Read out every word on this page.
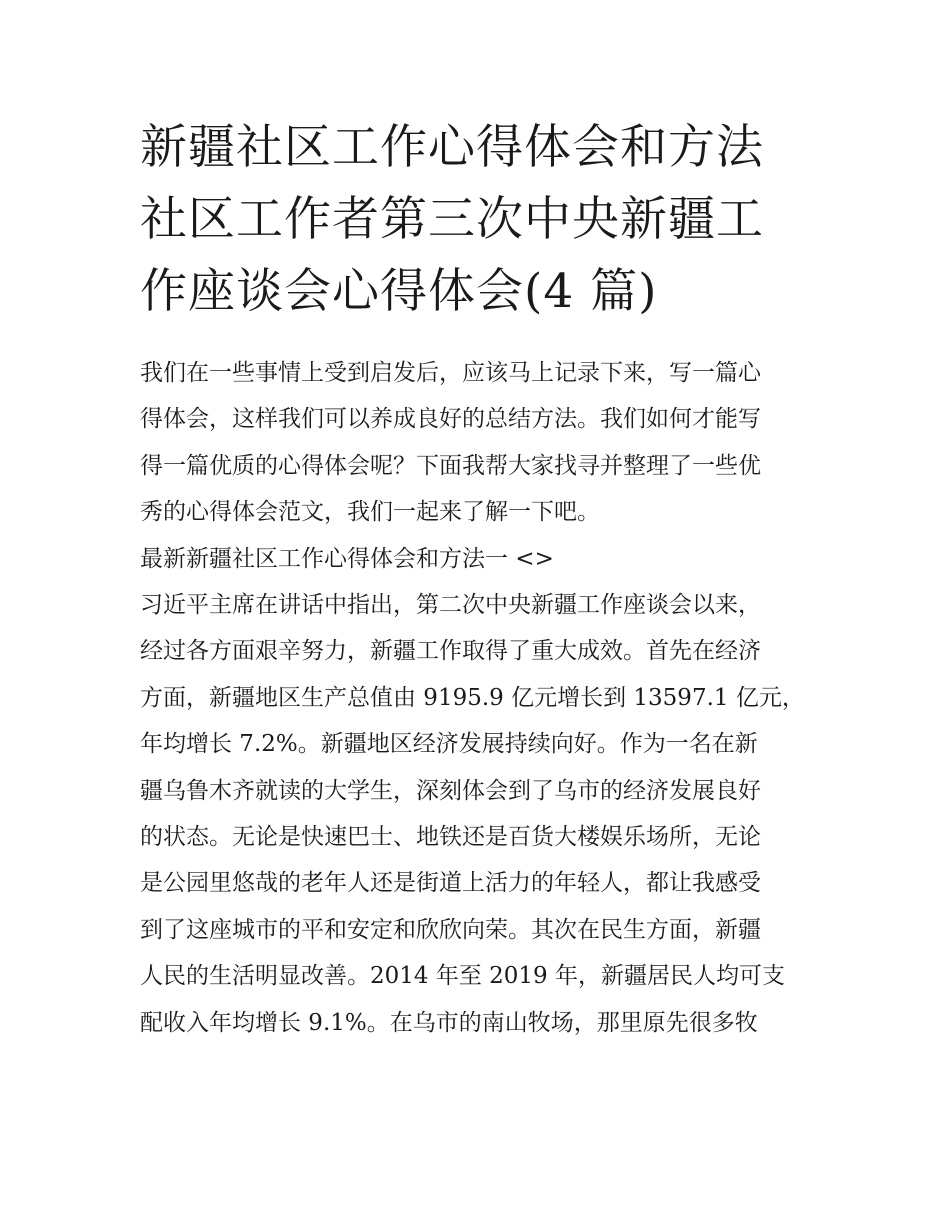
新疆社区工作心得体会和方法
社区工作者第三次中央新疆工
作座谈会心得体会(4 篇)
我们在一些事情上受到启发后，应该马上记录下来，写一篇心
得体会，这样我们可以养成良好的总结方法。我们如何才能写
得一篇优质的心得体会呢？下面我帮大家找寻并整理了一些优
秀的心得体会范文，我们一起来了解一下吧。
最新新疆社区工作心得体会和方法一 <>
习近平主席在讲话中指出，第二次中央新疆工作座谈会以来，
经过各方面艰辛努力，新疆工作取得了重大成效。首先在经济
方面，新疆地区生产总值由 9195.9 亿元增长到 13597.1 亿元，
年均增长 7.2%。新疆地区经济发展持续向好。作为一名在新
疆乌鲁木齐就读的大学生，深刻体会到了乌市的经济发展良好
的状态。无论是快速巴士、地铁还是百货大楼娱乐场所，无论
是公园里悠哉的老年人还是街道上活力的年轻人，都让我感受
到了这座城市的平和安定和欣欣向荣。其次在民生方面，新疆
人民的生活明显改善。2014 年至 2019 年，新疆居民人均可支
配收入年均增长 9.1%。在乌市的南山牧场，那里原先很多牧
